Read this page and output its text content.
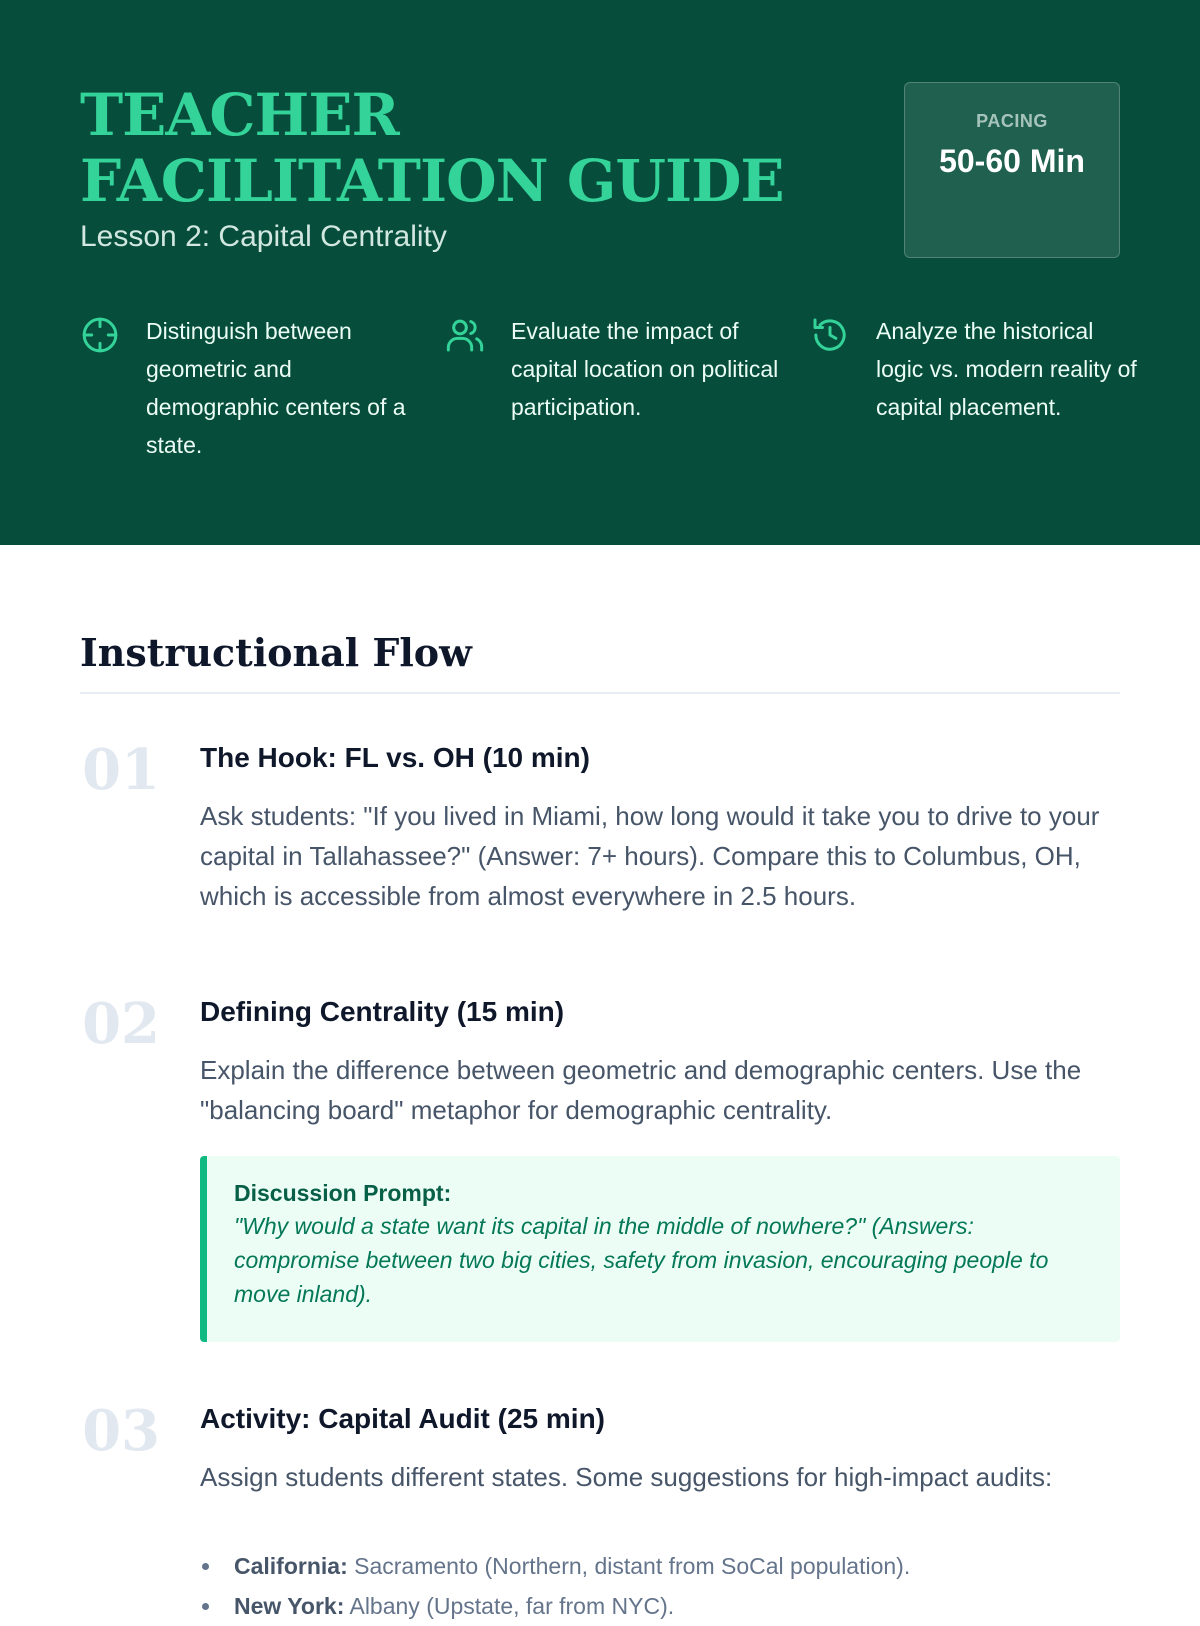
TEACHER FACILITATION GUIDE
Lesson 2: Capital Centrality
PACING
50-60 Min
Distinguish between geometric and demographic centers of a state.
Evaluate the impact of capital location on political participation.
Analyze the historical logic vs. modern reality of capital placement.
Instructional Flow
01 The Hook: FL vs. OH (10 min)

Ask students: "If you lived in Miami, how long would it take you to drive to your capital in Tallahassee?" (Answer: 7+ hours). Compare this to Columbus, OH, which is accessible from almost everywhere in 2.5 hours.

02 Defining Centrality (15 min)

Explain the difference between geometric and demographic centers. Use the "balancing board" metaphor for demographic centrality.

Discussion Prompt:
"Why would a state want its capital in the middle of nowhere?" (Answers: compromise between two big cities, safety from invasion, encouraging people to move inland).
03 Activity: Capital Audit (25 min)

Assign students different states. Some suggestions for high-impact audits:

California: Sacramento (Northern, distant from SoCal population).
New York: Albany (Upstate, far from NYC).
